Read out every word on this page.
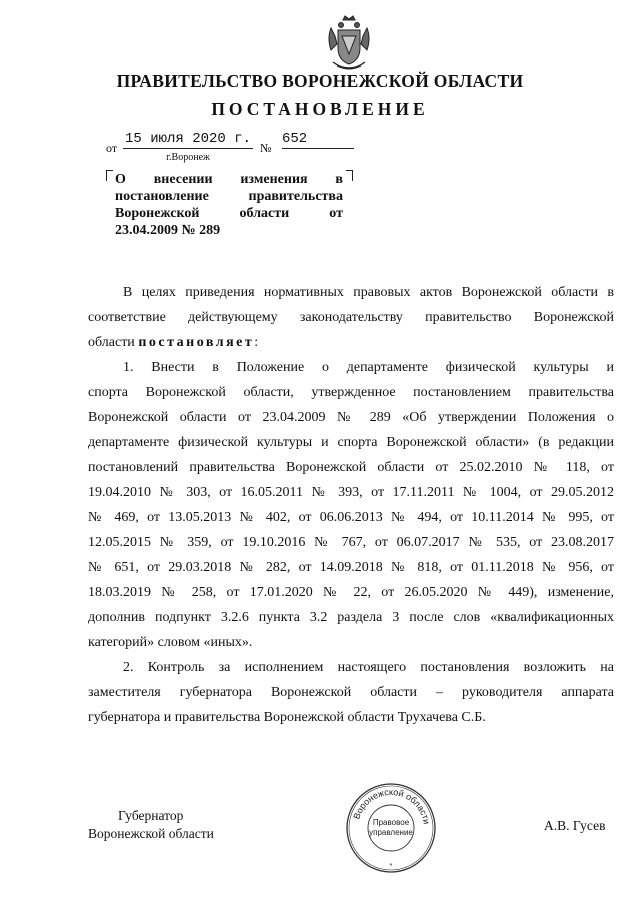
ПРАВИТЕЛЬСТВО ВОРОНЕЖСКОЙ ОБЛАСТИ
ПОСТАНОВЛЕНИЕ
от
15 июля 2020 г.
№
652
г.Воронеж
О внесении изменения в
постановление правительства
Воронежской области от
23.04.2009 № 289
В целях приведения нормативных правовых актов Воронежской области в
соответствие действующему законодательству правительство Воронежской
области постановляет:
1. Внести в Положение о департаменте физической культуры и
спорта Воронежской области, утвержденное постановлением правительства
Воронежской области от 23.04.2009 № 289 «Об утверждении Положения о
департаменте физической культуры и спорта Воронежской области» (в редакции
постановлений правительства Воронежской области от 25.02.2010 № 118, от
19.04.2010 № 303, от 16.05.2011 № 393, от 17.11.2011 № 1004, от 29.05.2012
№ 469, от 13.05.2013 № 402, от 06.06.2013 № 494, от 10.11.2014 № 995, от
12.05.2015 № 359, от 19.10.2016 № 767, от 06.07.2017 № 535, от 23.08.2017
№ 651, от 29.03.2018 № 282, от 14.09.2018 № 818, от 01.11.2018 № 956, от
18.03.2019 № 258, от 17.01.2020 № 22, от 26.05.2020 № 449), изменение,
дополнив подпункт 3.2.6 пункта 3.2 раздела 3 после слов «квалификационных
категорий» словом «иных».
2. Контроль за исполнением настоящего постановления возложить на
заместителя губернатора Воронежской области – руководителя аппарата
губернатора и правительства Воронежской области Трухачева С.Б.
Губернатор
Воронежской области
Воронежской области
Правовое
управление
*
А.В. Гусев
